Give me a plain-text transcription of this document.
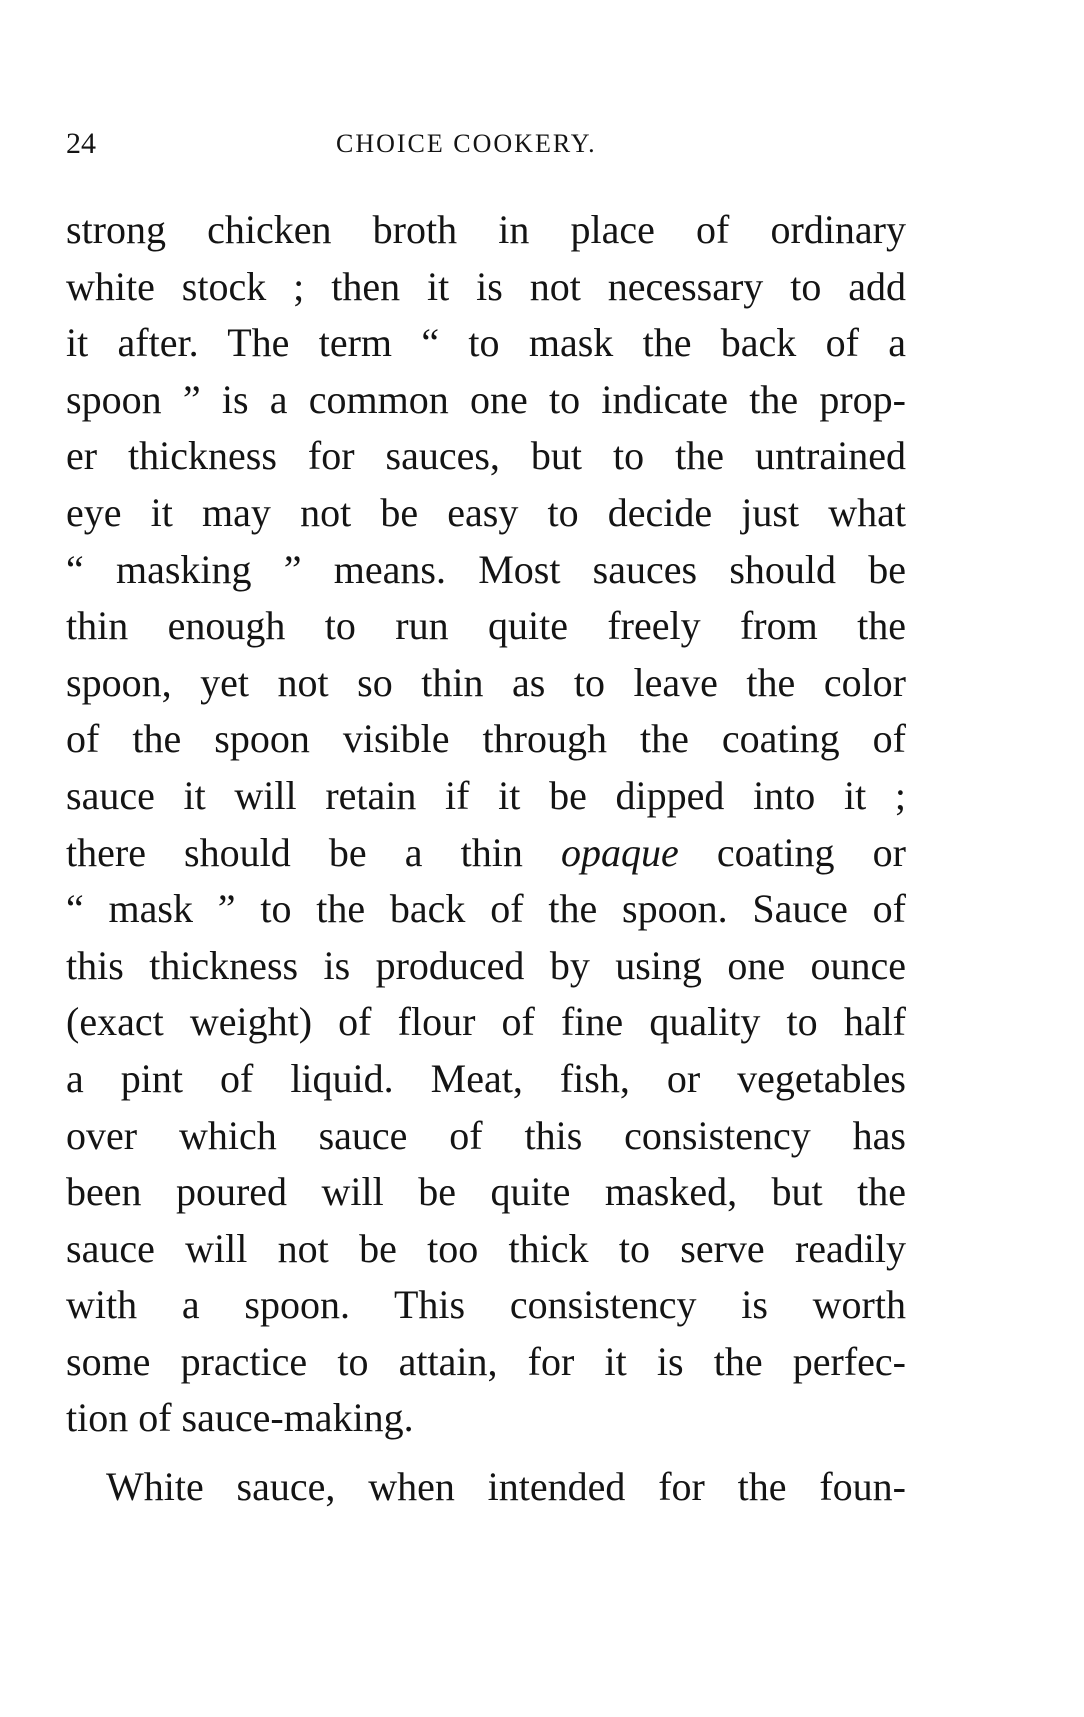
24	CHOICE COOKERY.
strong chicken broth in place of ordinary
white stock ; then it is not necessary to add
it after. The term “ to mask the back of a
spoon ” is a common one to indicate the prop-
er thickness for sauces, but to the untrained
eye it may not be easy to decide just what
“ masking ” means. Most sauces should be
thin enough to run quite freely from the
spoon, yet not so thin as to leave the color
of the spoon visible through the coating of
sauce it will retain if it be dipped into it ;
there should be a thin opaque coating or
“ mask ” to the back of the spoon. Sauce of
this thickness is produced by using one ounce
(exact weight) of flour of fine quality to half
a pint of liquid. Meat, fish, or vegetables
over which sauce of this consistency has
been poured will be quite masked, but the
sauce will not be too thick to serve readily
with a spoon. This consistency is worth
some practice to attain, for it is the perfec-
tion of sauce-making.
White sauce, when intended for the foun-
